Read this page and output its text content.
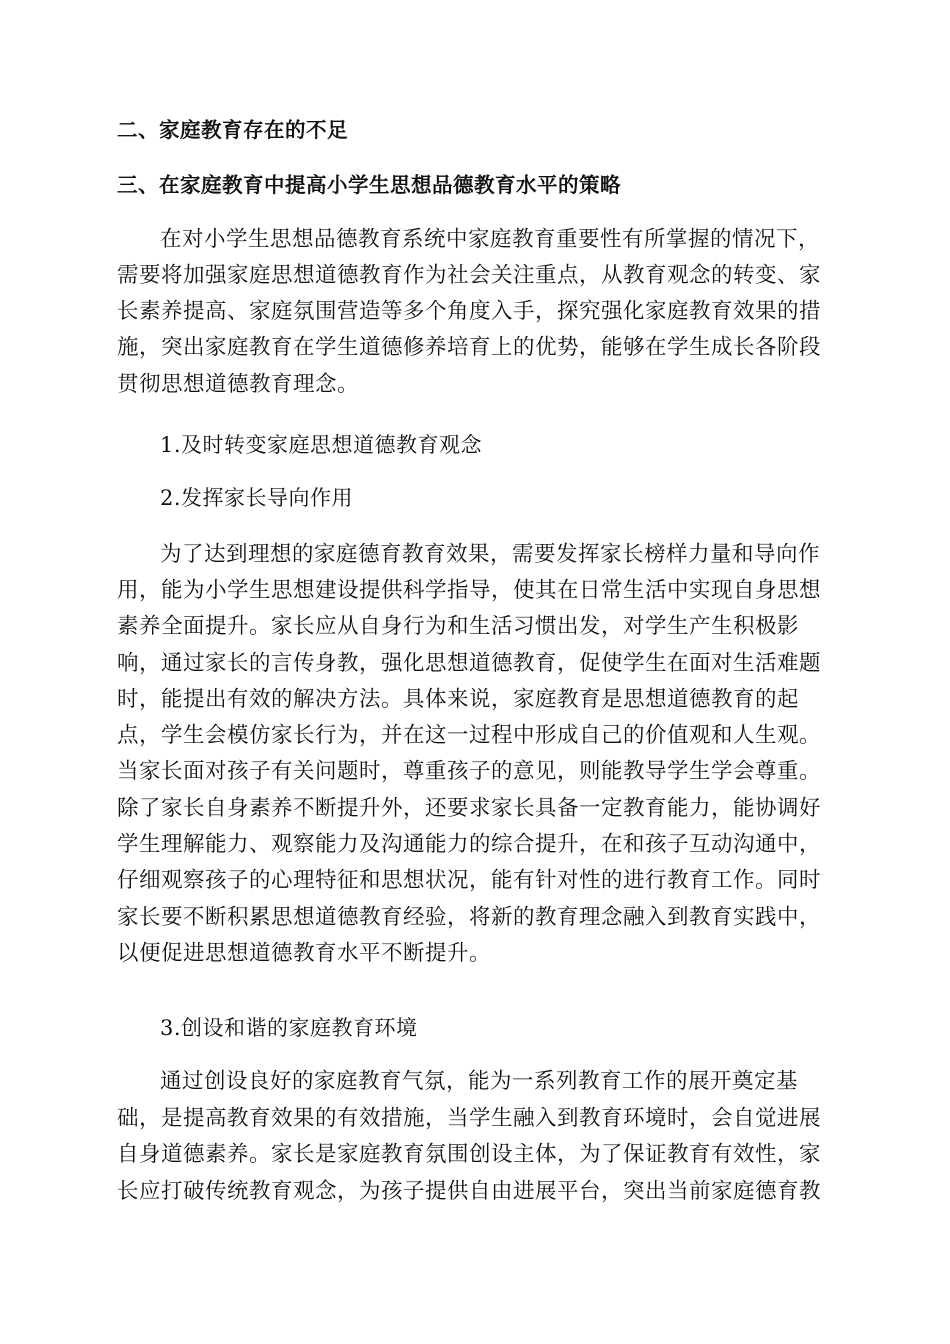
二、家庭教育存在的不足
三、在家庭教育中提高小学生思想品德教育水平的策略
在对小学生思想品德教育系统中家庭教育重要性有所掌握的情况下，
需要将加强家庭思想道德教育作为社会关注重点，从教育观念的转变、家
长素养提高、家庭氛围营造等多个角度入手，探究强化家庭教育效果的措
施，突出家庭教育在学生道德修养培育上的优势，能够在学生成长各阶段
贯彻思想道德教育理念。
1.及时转变家庭思想道德教育观念
2.发挥家长导向作用
为了达到理想的家庭德育教育效果，需要发挥家长榜样力量和导向作
用，能为小学生思想建设提供科学指导，使其在日常生活中实现自身思想
素养全面提升。家长应从自身行为和生活习惯出发，对学生产生积极影
响，通过家长的言传身教，强化思想道德教育，促使学生在面对生活难题
时，能提出有效的解决方法。具体来说，家庭教育是思想道德教育的起
点，学生会模仿家长行为，并在这一过程中形成自己的价值观和人生观。
当家长面对孩子有关问题时，尊重孩子的意见，则能教导学生学会尊重。
除了家长自身素养不断提升外，还要求家长具备一定教育能力，能协调好
学生理解能力、观察能力及沟通能力的综合提升，在和孩子互动沟通中，
仔细观察孩子的心理特征和思想状况，能有针对性的进行教育工作。同时
家长要不断积累思想道德教育经验，将新的教育理念融入到教育实践中，
以便促进思想道德教育水平不断提升。
3.创设和谐的家庭教育环境
通过创设良好的家庭教育气氛，能为一系列教育工作的展开奠定基
础，是提高教育效果的有效措施，当学生融入到教育环境时，会自觉进展
自身道德素养。家长是家庭教育氛围创设主体，为了保证教育有效性，家
长应打破传统教育观念，为孩子提供自由进展平台，突出当前家庭德育教
